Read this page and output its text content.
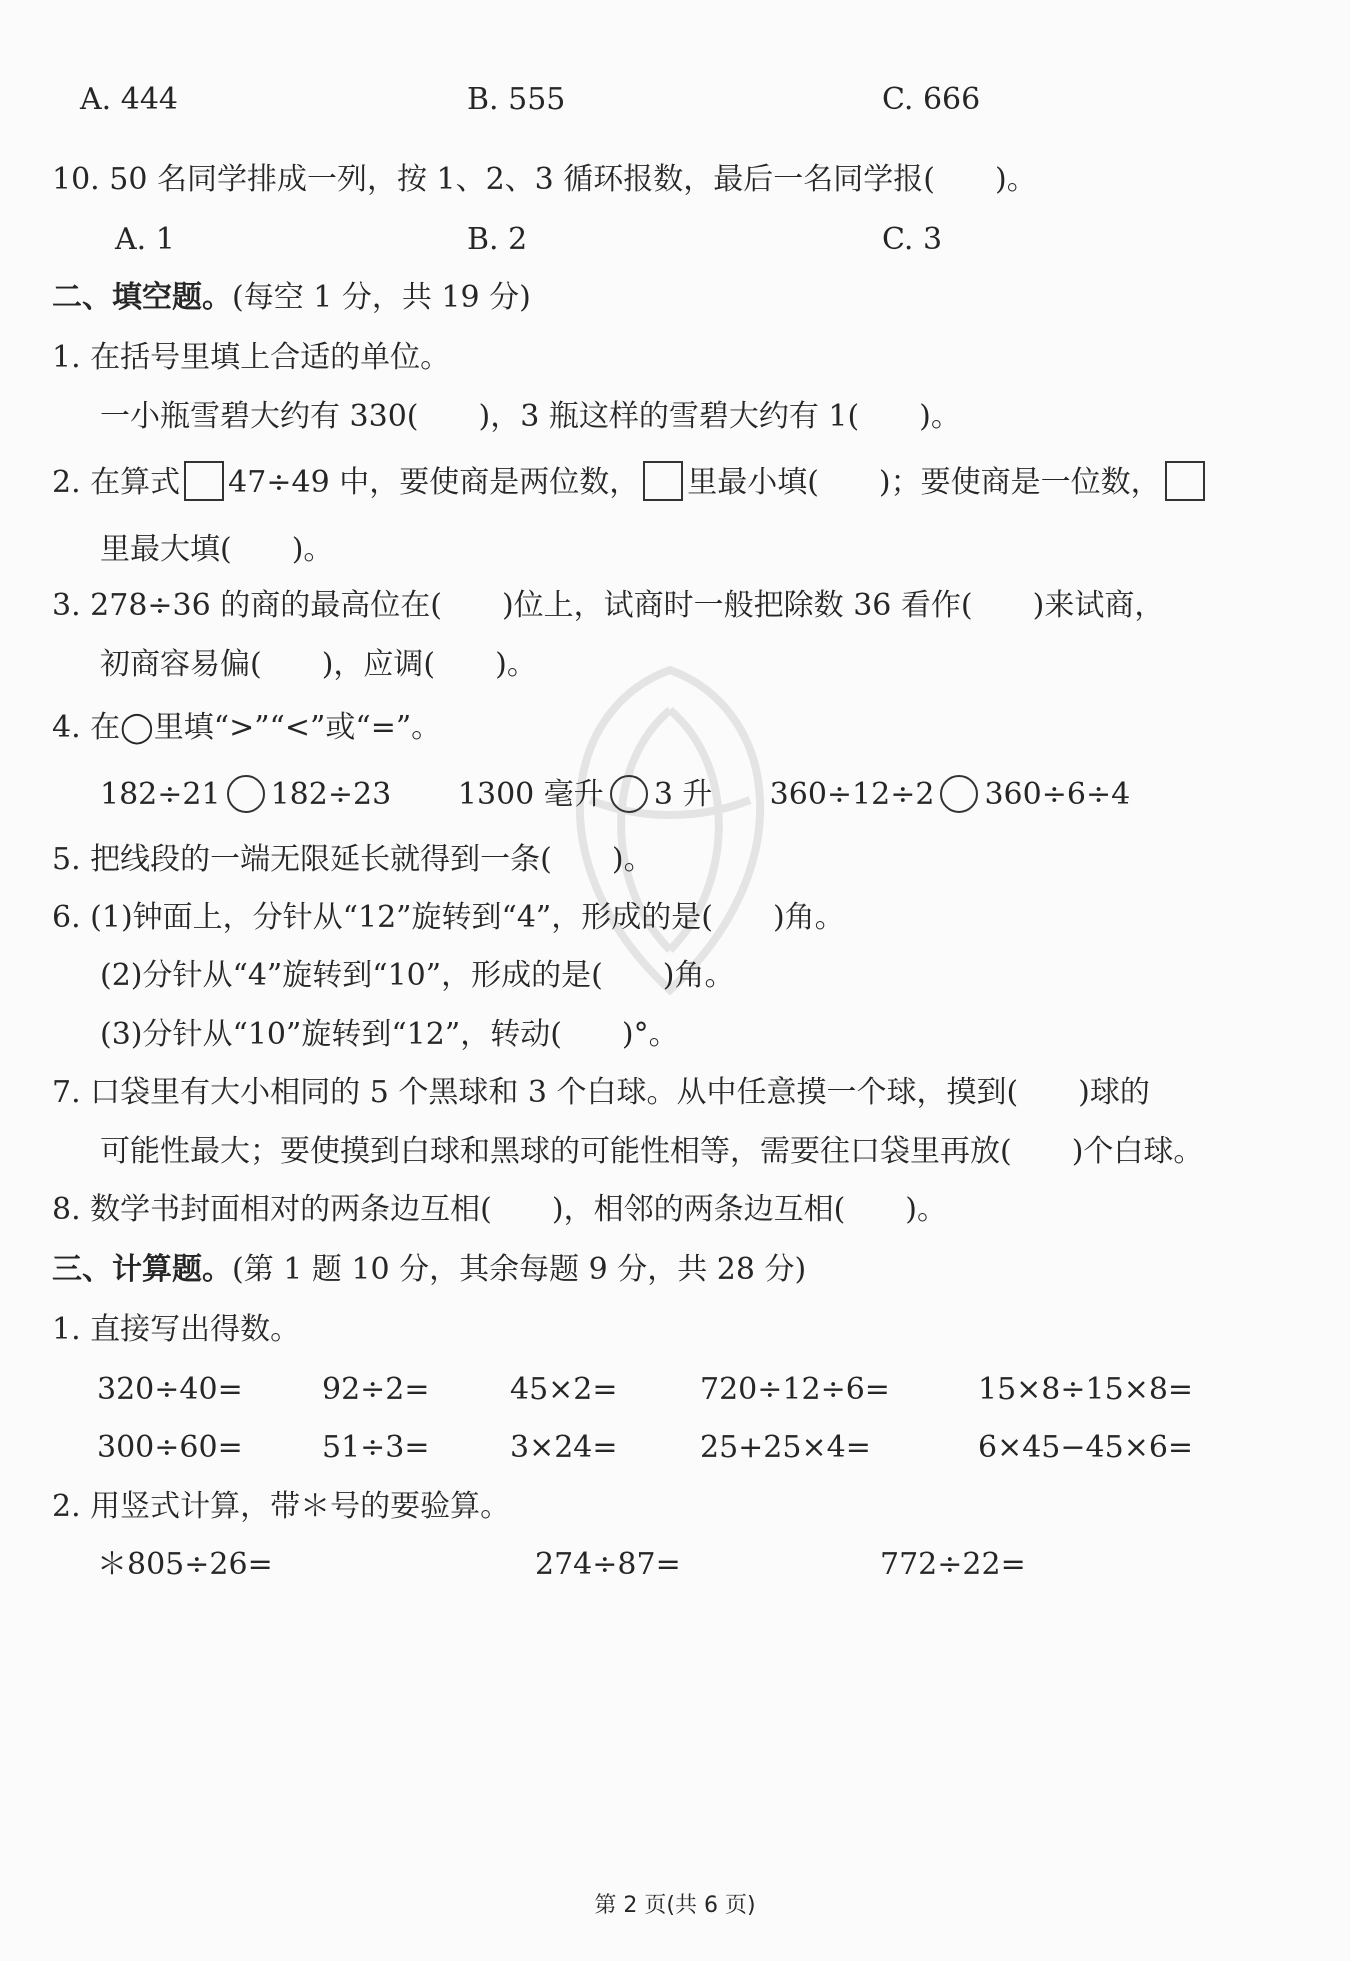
A. 444	B. 555	C. 666
10. 50 名同学排成一列，按 1、2、3 循环报数，最后一名同学报(　　)。
A. 1	B. 2	C. 3
二、填空题。(每空 1 分，共 19 分)
1. 在括号里填上合适的单位。
一小瓶雪碧大约有 330(　　)，3 瓶这样的雪碧大约有 1(　　)。
2. 在算式 47÷49 中，要使商是两位数， 里最小填(　　)；要使商是一位数，
里最大填(　　)。
3. 278÷36 的商的最高位在(　　)位上，试商时一般把除数 36 看作(　　)来试商，
初商容易偏(　　)，应调(　　)。
4. 在◯里填“>”“<”或“=”。
182÷21 182÷23 1300 毫升 3 升 360÷12÷2 360÷6÷4
5. 把线段的一端无限延长就得到一条(　　)。
6. (1)钟面上，分针从“12”旋转到“4”，形成的是(　　)角。
(2)分针从“4”旋转到“10”，形成的是(　　)角。
(3)分针从“10”旋转到“12”，转动(　　)°。
7. 口袋里有大小相同的 5 个黑球和 3 个白球。从中任意摸一个球，摸到(　　)球的
可能性最大；要使摸到白球和黑球的可能性相等，需要往口袋里再放(　　)个白球。
8. 数学书封面相对的两条边互相(　　)，相邻的两条边互相(　　)。
三、计算题。(第 1 题 10 分，其余每题 9 分，共 28 分)
1. 直接写出得数。
320÷40=	92÷2=	45×2=	720÷12÷6=	15×8÷15×8=
300÷60=	51÷3=	3×24=	25+25×4=	6×45−45×6=
2. 用竖式计算，带＊号的要验算。
＊805÷26=	274÷87=	772÷22=
第 2 页(共 6 页)
